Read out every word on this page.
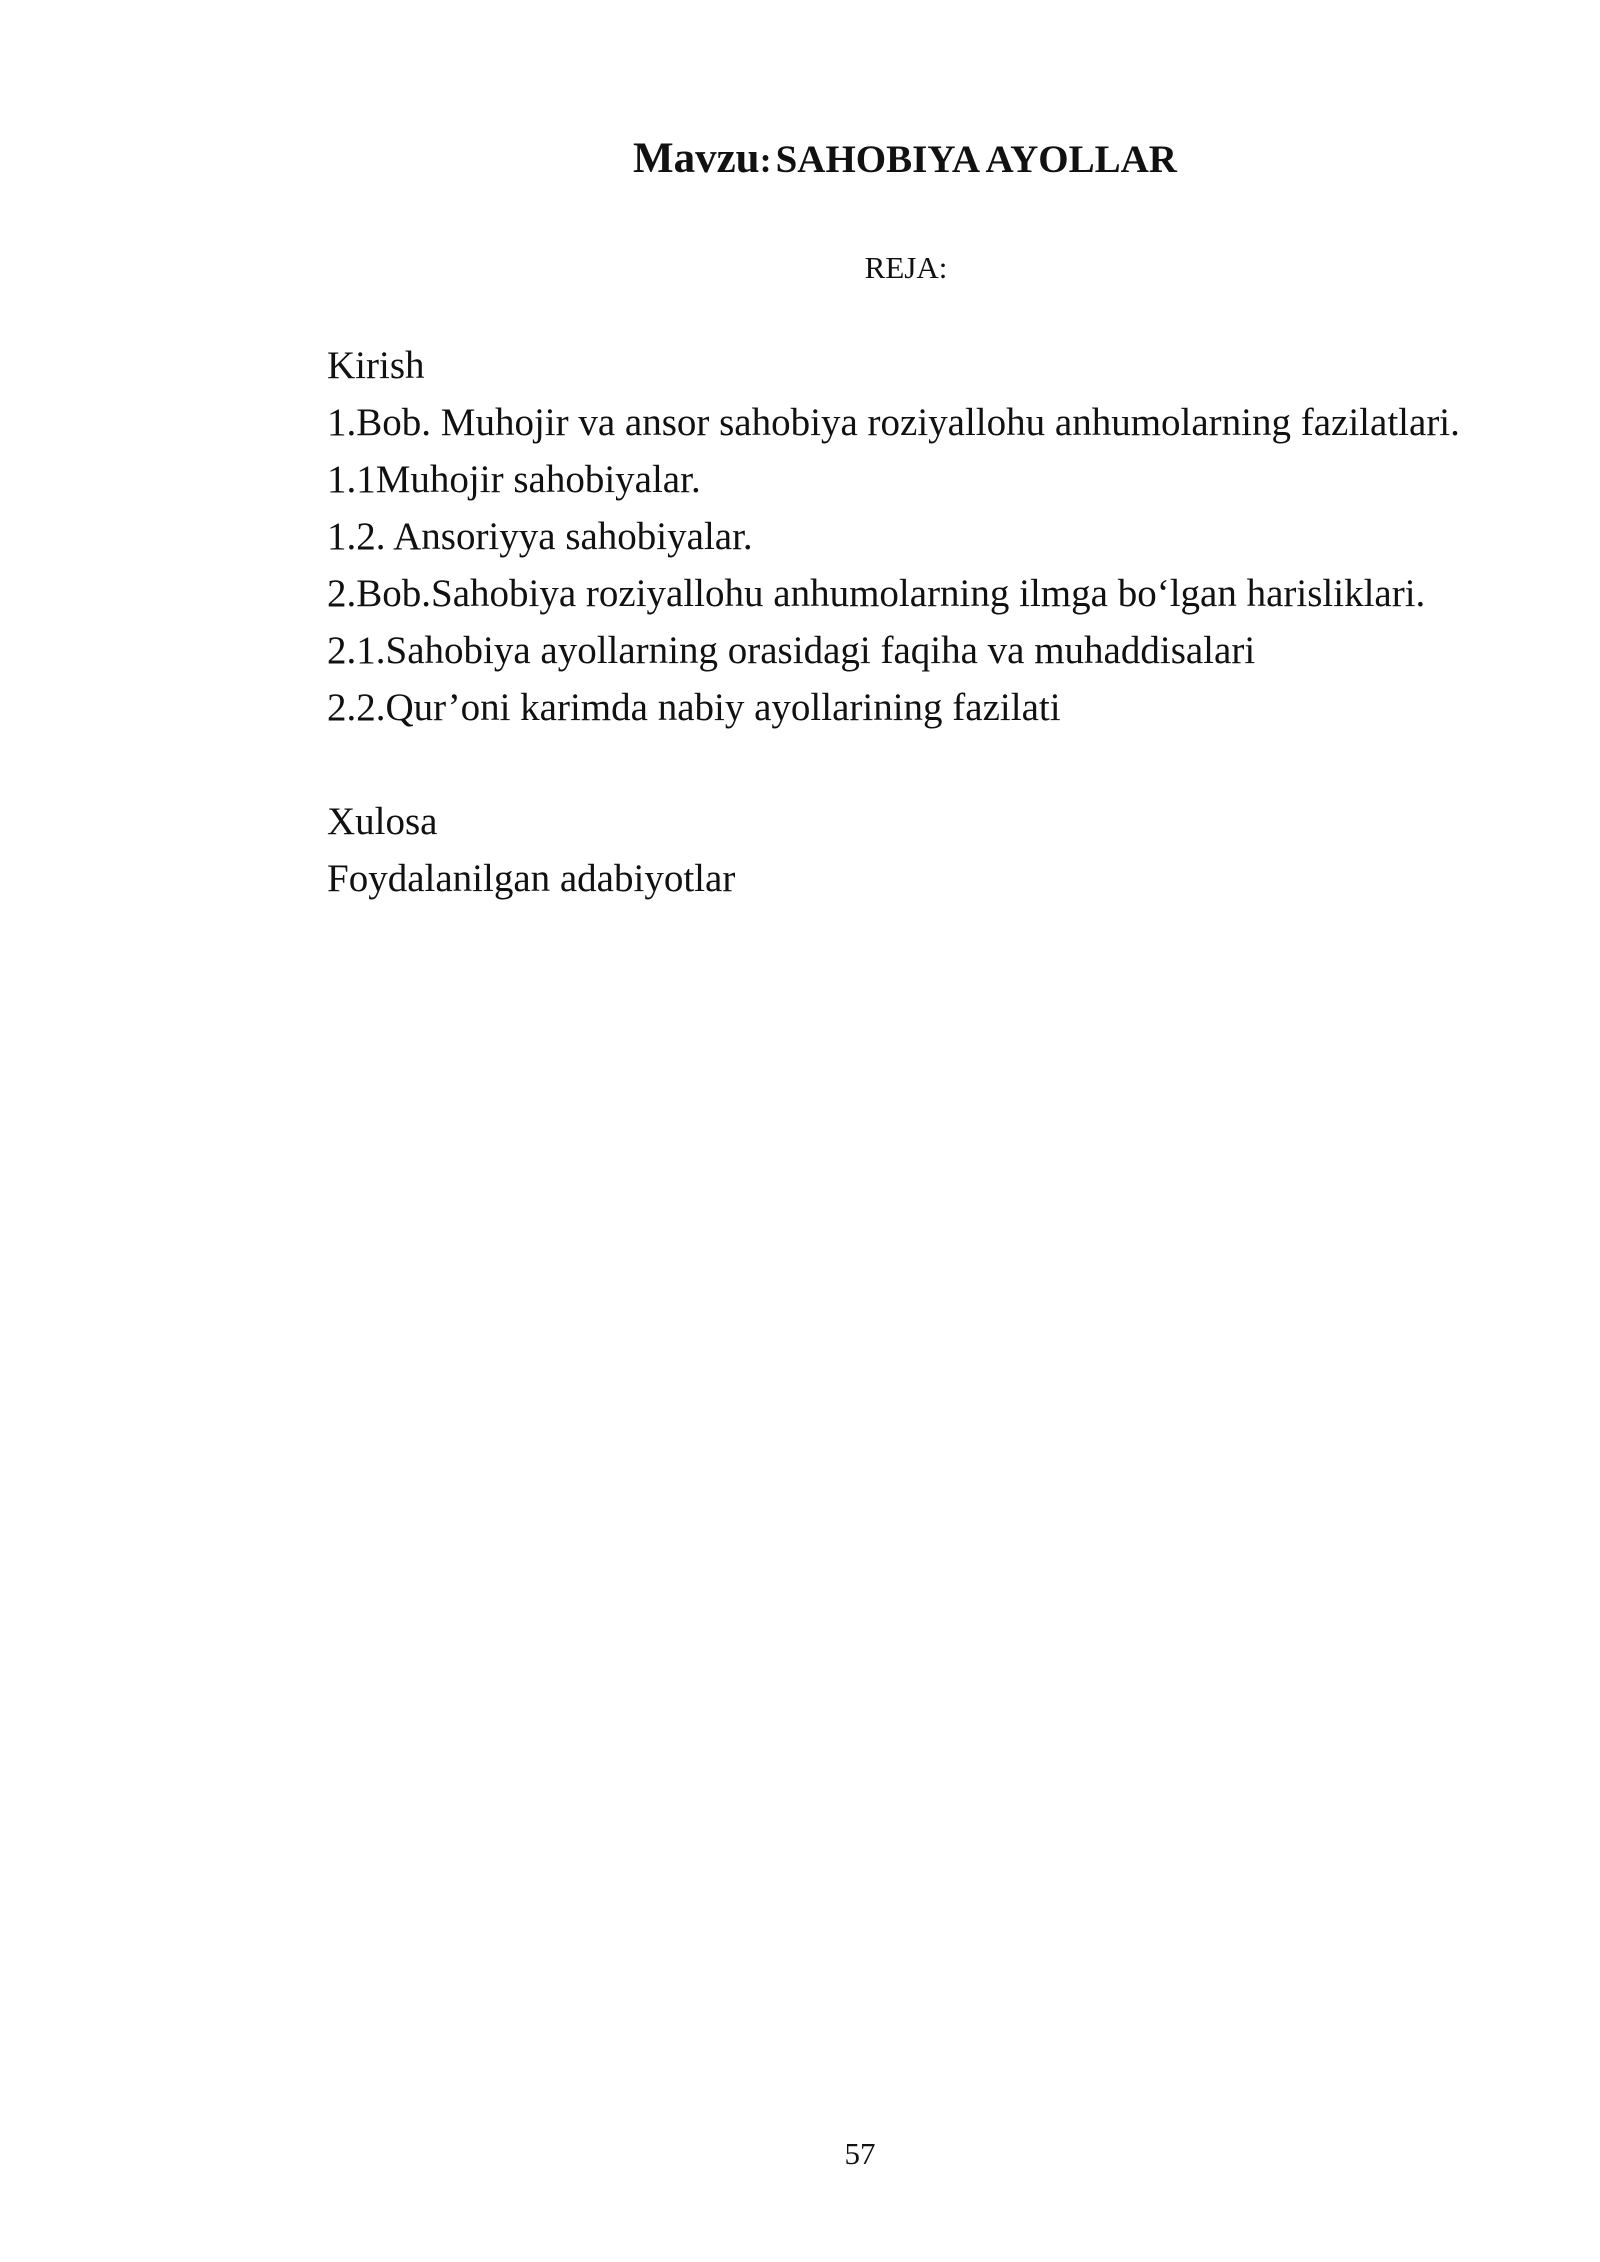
Mavzu: SAHOBIYA AYOLLAR
REJA:

Kirish

1.Bob. Muhojir va ansor sahobiya roziyallohu anhumolarning fazilatlari.

1.1Muhojir sahobiyalar.

1.2. Ansoriyya sahobiyalar.

2.Bob.Sahobiya roziyallohu anhumolarning ilmga bo‘lgan harisliklari.

2.1.Sahobiya ayollarning orasidagi faqiha va muhaddisalari

2.2.Qur’oni karimda nabiy ayollarining fazilati

Xulosa

Foydalanilgan adabiyotlar

57
